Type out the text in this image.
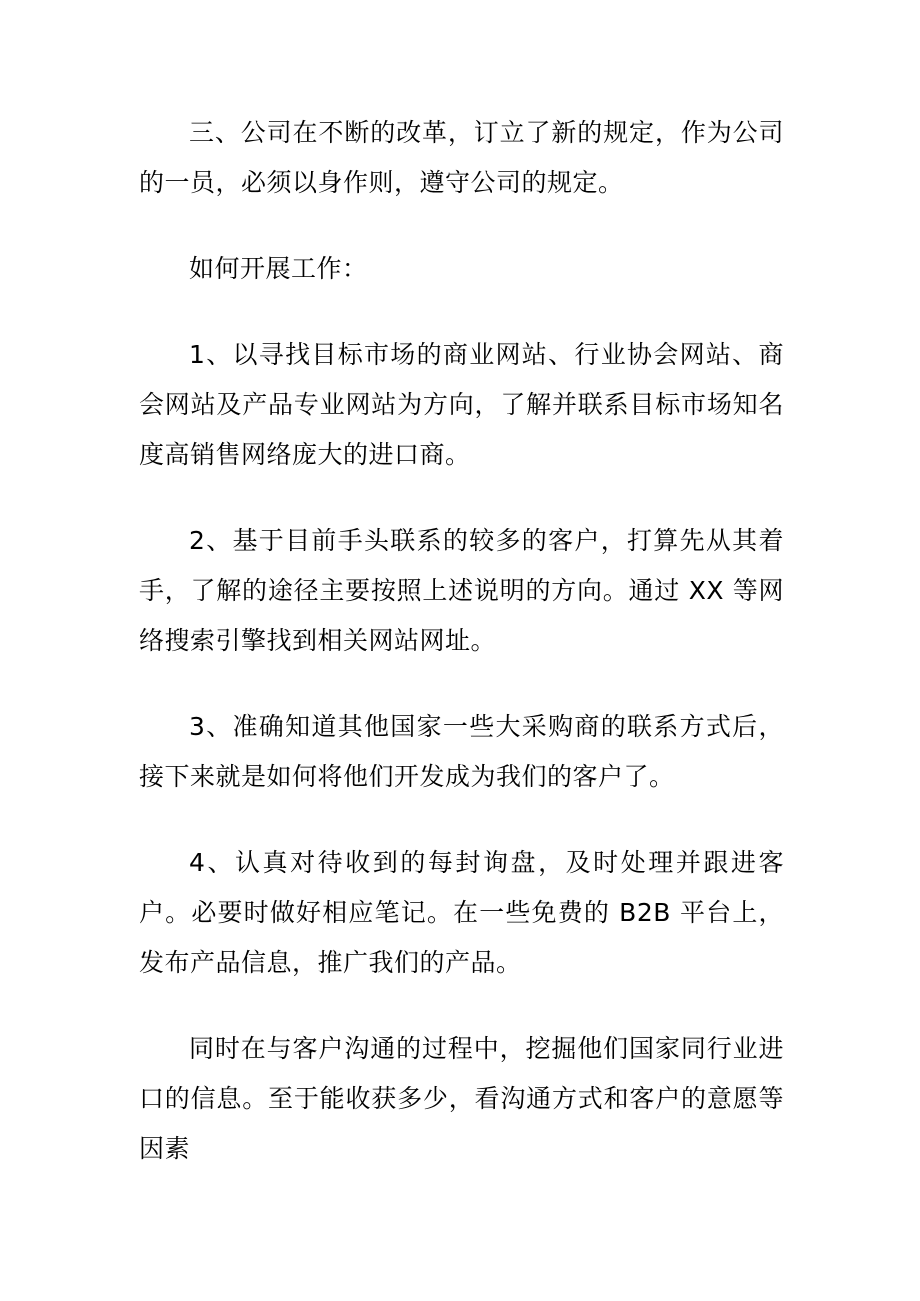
三、公司在不断的改革，订立了新的规定，作为公司的一员，必须以身作则，遵守公司的规定。

如何开展工作：

1、以寻找目标市场的商业网站、行业协会网站、商会网站及产品专业网站为方向，了解并联系目标市场知名度高销售网络庞大的进口商。

2、基于目前手头联系的较多的客户，打算先从其着手，了解的途径主要按照上述说明的方向。通过 XX 等网络搜索引擎找到相关网站网址。

3、准确知道其他国家一些大采购商的联系方式后，接下来就是如何将他们开发成为我们的客户了。

4、认真对待收到的每封询盘，及时处理并跟进客户。必要时做好相应笔记。在一些免费的 B2B 平台上，发布产品信息，推广我们的产品。

同时在与客户沟通的过程中，挖掘他们国家同行业进口的信息。至于能收获多少，看沟通方式和客户的意愿等因素
